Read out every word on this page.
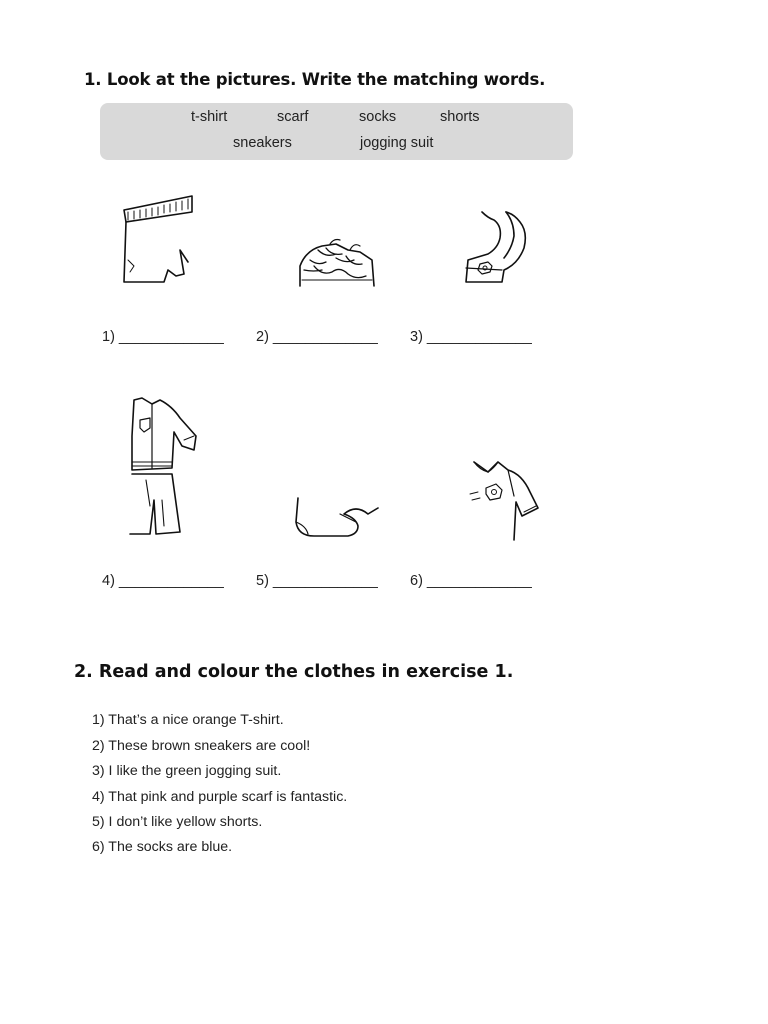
1. Look at the pictures. Write the matching words.
t-shirt	scarf	socks	shorts
sneakers	jogging suit
1) _____________ 2) _____________ 3) _____________
4) _____________ 5) _____________ 6) _____________
2. Read and colour the clothes in exercise 1.
1) That’s a nice orange T-shirt.
2) These brown sneakers are cool!
3) I like the green jogging suit.
4) That pink and purple scarf is fantastic.
5) I don’t like yellow shorts.
6) The socks are blue.
